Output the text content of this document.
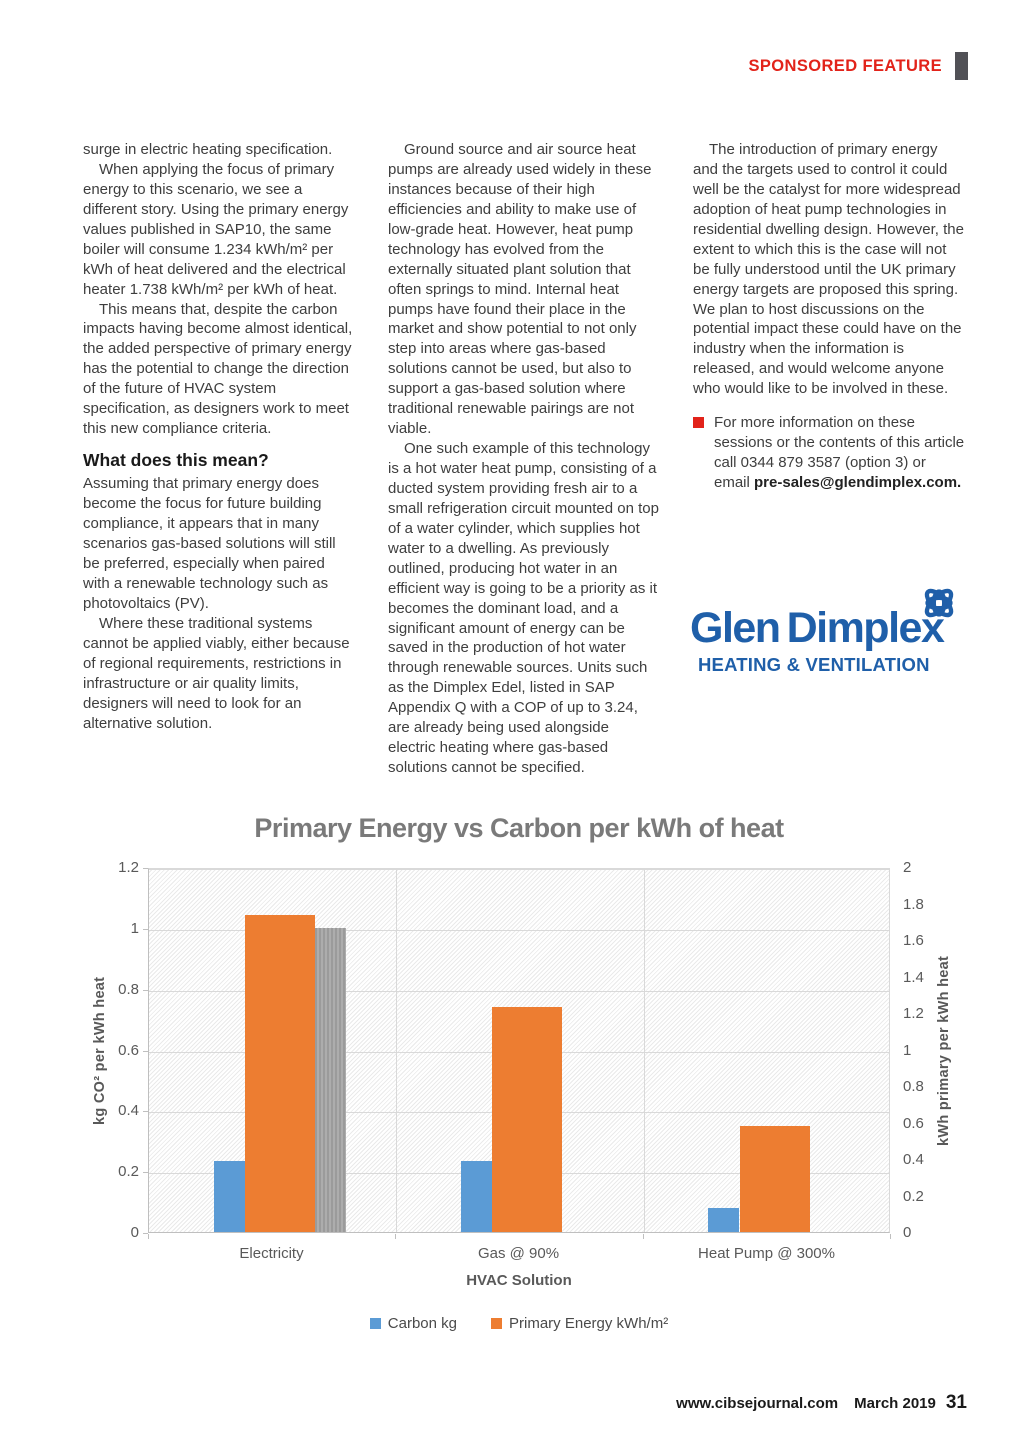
SPONSORED FEATURE

surge in electric heating specification.

When applying the focus of primary energy to this scenario, we see a different story. Using the primary energy values published in SAP10, the same boiler will consume 1.234 kWh/m² per kWh of heat delivered and the electrical heater 1.738 kWh/m² per kWh of heat.

This means that, despite the carbon impacts having become almost identical, the added perspective of primary energy has the potential to change the direction of the future of HVAC system specification, as designers work to meet this new compliance criteria.

What does this mean?

Assuming that primary energy does become the focus for future building compliance, it appears that in many scenarios gas-based solutions will still be preferred, especially when paired with a renewable technology such as photovoltaics (PV).

Where these traditional systems cannot be applied viably, either because of regional requirements, restrictions in infrastructure or air quality limits, designers will need to look for an alternative solution.

Ground source and air source heat pumps are already used widely in these instances because of their high efficiencies and ability to make use of low-grade heat. However, heat pump technology has evolved from the externally situated plant solution that often springs to mind. Internal heat pumps have found their place in the market and show potential to not only step into areas where gas-based solutions cannot be used, but also to support a gas-based solution where traditional renewable pairings are not viable.

One such example of this technology is a hot water heat pump, consisting of a ducted system providing fresh air to a small refrigeration circuit mounted on top of a water cylinder, which supplies hot water to a dwelling. As previously outlined, producing hot water in an efficient way is going to be a priority as it becomes the dominant load, and a significant amount of energy can be saved in the production of hot water through renewable sources. Units such as the Dimplex Edel, listed in SAP Appendix Q with a COP of up to 3.24, are already being used alongside electric heating where gas-based solutions cannot be specified.

The introduction of primary energy and the targets used to control it could well be the catalyst for more widespread adoption of heat pump technologies in residential dwelling design. However, the extent to which this is the case will not be fully understood until the UK primary energy targets are proposed this spring. We plan to host discussions on the potential impact these could have on the industry when the information is released, and would welcome anyone who would like to be involved in these.

For more information on these sessions or the contents of this article call 0344 879 3587 (option 3) or email pre-sales@glendimplex.com.
Glen Dimplex
HEATING & VENTILATION
Primary Energy vs Carbon per kWh of heat
kg CO² per kWh heat	kWh primary per kWh heat
0
0.2
0.4
0.6
0.8
1
1.2
0
0.2
0.4
0.6
0.8
1
1.2
1.4
1.6
1.8
2
Electricity	Gas @ 90%	Heat Pump @ 300%
HVAC Solution
Carbon kg	Primary Energy kWh/m²
www.cibsejournal.com March 2019 31
